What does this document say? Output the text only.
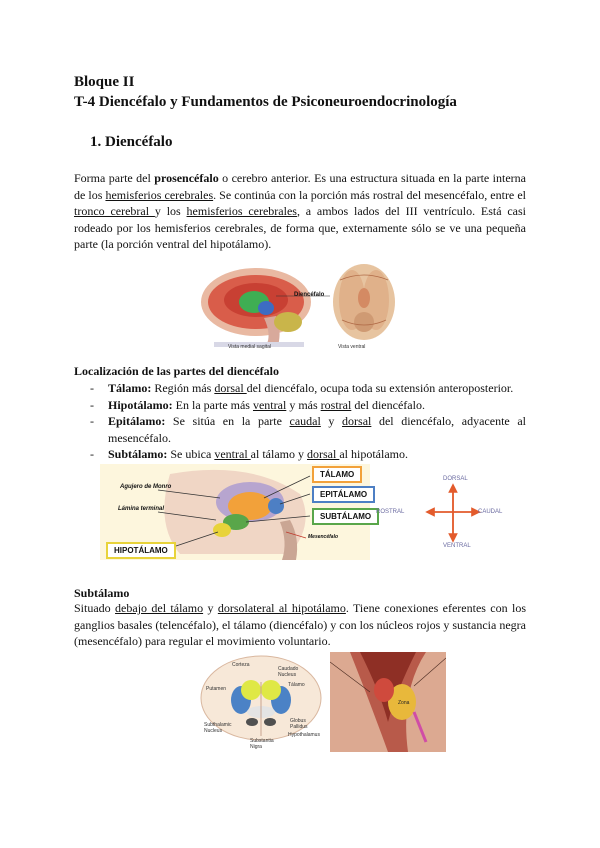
Bloque II
T-4 Diencéfalo y Fundamentos de Psiconeuroendocrinología
1. Diencéfalo
Forma parte del prosencéfalo o cerebro anterior. Es una estructura situada en la parte interna de los hemisferios cerebrales. Se continúa con la porción más rostral del mesencéfalo, entre el tronco cerebral y los hemisferios cerebrales, a ambos lados del III ventrículo. Está casi rodeado por los hemisferios cerebrales, de forma que, externamente sólo se ve una pequeña parte (la porción ventral del hipotálamo).
Vista medial sagital
Diencéfalo
Vista ventral
Localización de las partes del diencéfalo
- Tálamo: Región más dorsal del diencéfalo, ocupa toda su extensión anteroposterior.
- Hipotálamo: En la parte más ventral y más rostral del diencéfalo.
- Epitálamo: Se sitúa en la parte caudal y dorsal del diencéfalo, adyacente al mesencéfalo.
- Subtálamo: Se ubica ventral al tálamo y dorsal al hipotálamo.
Agujero de Monro
Lámina terminal
Mesencéfalo
TÁLAMO
EPITÁLAMO
SUBTÁLAMO
HIPOTÁLAMO
DORSAL
VENTRAL
ROSTRAL	CAUDAL
Subtálamo
Situado debajo del tálamo y dorsolateral al hipotálamo. Tiene conexiones eferentes con los ganglios basales (telencéfalo), el tálamo (diencéfalo) y con los núcleos rojos y sustancia negra (mesencéfalo) para regular el movimiento voluntario.
Corteza
Caudado Nucleus
Tálamo
Putamen
Subthalamic Nucleus
Globus Pallidus
Hypothalamus
Substantia Nigra
Zona
